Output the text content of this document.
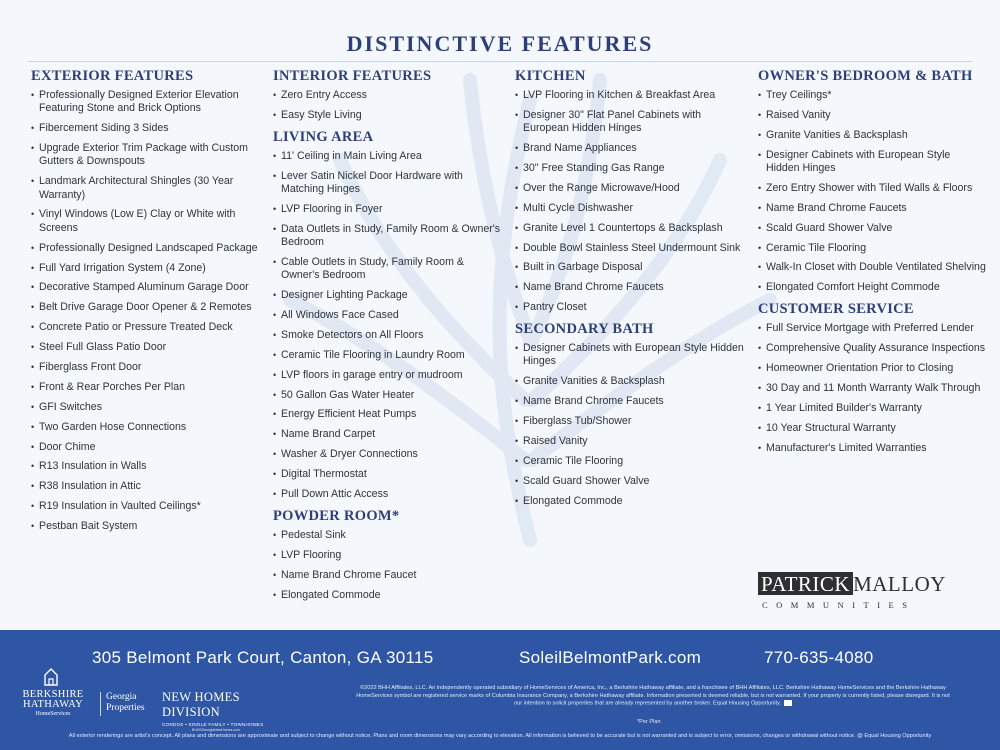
DISTINCTIVE FEATURES
EXTERIOR FEATURES
• Professionally Designed Exterior Elevation Featuring Stone and Brick Options
• Fibercement Siding 3 Sides
• Upgrade Exterior Trim Package with Custom Gutters & Downspouts
• Landmark Architectural Shingles (30 Year Warranty)
• Vinyl Windows (Low E) Clay or White with Screens
• Professionally Designed Landscaped Package
• Full Yard Irrigation System (4 Zone)
• Decorative Stamped Aluminum Garage Door
• Belt Drive Garage Door Opener & 2 Remotes
• Concrete Patio or Pressure Treated Deck
• Steel Full Glass Patio Door
• Fiberglass Front Door
• Front & Rear Porches Per Plan
• GFI Switches
• Two Garden Hose Connections
• Door Chime
• R13 Insulation in Walls
• R38 Insulation in Attic
• R19 Insulation in Vaulted Ceilings*
• Pestban Bait System
INTERIOR FEATURES
• Zero Entry Access
• Easy Style Living
LIVING AREA
• 11' Ceiling in Main Living Area
• Lever Satin Nickel Door Hardware with Matching Hinges
• LVP Flooring in Foyer
• Data Outlets in Study, Family Room & Owner's Bedroom
• Cable Outlets in Study, Family Room & Owner's Bedroom
• Designer Lighting Package
• All Windows Face Cased
• Smoke Detectors on All Floors
• Ceramic Tile Flooring in Laundry Room
• LVP floors in garage entry or mudroom
• 50 Gallon Gas Water Heater
• Energy Efficient Heat Pumps
• Name Brand Carpet
• Washer & Dryer Connections
• Digital Thermostat
• Pull Down Attic Access
POWDER ROOM*
• Pedestal Sink
• LVP Flooring
• Name Brand Chrome Faucet
• Elongated Commode
KITCHEN
• LVP Flooring in Kitchen & Breakfast Area
• Designer 30" Flat Panel Cabinets with European Hidden Hinges
• Brand Name Appliances
• 30" Free Standing Gas Range
• Over the Range Microwave/Hood
• Multi Cycle Dishwasher
• Granite Level 1 Countertops & Backsplash
• Double Bowl Stainless Steel Undermount Sink
• Built in Garbage Disposal
• Name Brand Chrome Faucets
• Pantry Closet
SECONDARY BATH
• Designer Cabinets with European Style Hidden Hinges
• Granite Vanities & Backsplash
• Name Brand Chrome Faucets
• Fiberglass Tub/Shower
• Raised Vanity
• Ceramic Tile Flooring
• Scald Guard Shower Valve
• Elongated Commode
OWNER'S BEDROOM & BATH
• Trey Ceilings*
• Raised Vanity
• Granite Vanities & Backsplash
• Designer Cabinets with European Style Hidden Hinges
• Zero Entry Shower with Tiled Walls & Floors
• Name Brand Chrome Faucets
• Scald Guard Shower Valve
• Ceramic Tile Flooring
• Walk-In Closet with Double Ventilated Shelving
• Elongated Comfort Height Commode
CUSTOMER SERVICE
• Full Service Mortgage with Preferred Lender
• Comprehensive Quality Assurance Inspections
• Homeowner Orientation Prior to Closing
• 30 Day and 11 Month Warranty Walk Through
• 1 Year Limited Builder's Warranty
• 10 Year Structural Warranty
• Manufacturer's Limited Warranties
PATRICK MALLOY
COMMUNITIES
305 Belmont Park Court, Canton, GA 30115	SoleilBelmontPark.com	770-635-4080
BERKSHIRE
HATHAWAY
HomeServices
Georgia
Properties
NEW HOMES DIVISION
CONDOS • SINGLE FAMILY • TOWNHOMES
BHHSGeorgiaNewHomes.com
©2022 BHH Affiliates, LLC. An independently operated subsidiary of HomeServices of America, Inc., a Berkshire Hathaway affiliate, and a franchisee of BHH Affiliates, LLC. Berkshire Hathaway HomeServices and the Berkshire Hathaway HomeServices symbol are registered service marks of Columbia Insurance Company, a Berkshire Hathaway affiliate. Information presented is deemed reliable, but is not warranted. If your property is currently listed, please disregard. It is not our intention to solicit properties that are already represented by another broker. Equal Housing Opportunity.
*Per Plan
All exterior renderings are artist's concept. All plans and dimensions are approximate and subject to change without notice. Plans and room dimensions may vary according to elevation. All information is believed to be accurate but is not warranted and is subject to error, omissions, changes or withdrawal without notice. @ Equal Housing Opportunity
